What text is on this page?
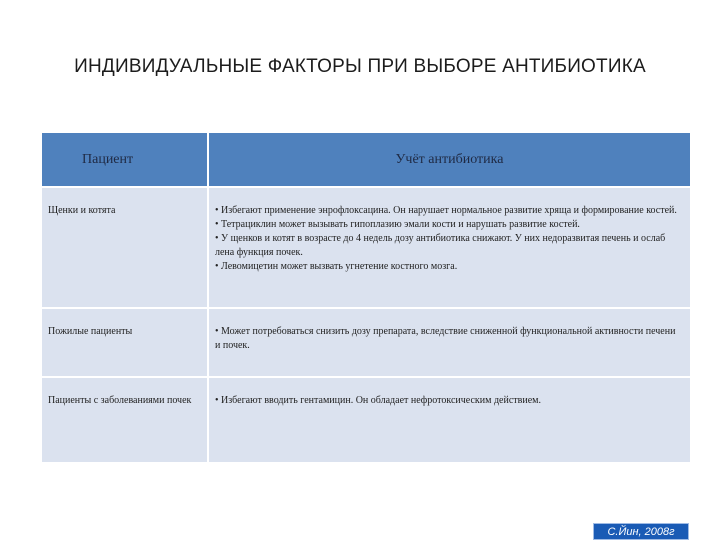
ИНДИВИДУАЛЬНЫЕ ФАКТОРЫ ПРИ ВЫБОРЕ АНТИБИОТИКА
Пациент	Учёт антибиотика
Щенки и котята	• Избегают применение энрофлоксацина. Он нарушает нормальное развитие хряща и формирование костей.
• Тетрациклин может вызывать гипоплазию эмали кости и нарушать развитие костей.
• У щенков и котят в возрасте до 4 недель дозу антибиотика снижают. У них недоразвитая печень и ослаб лена функция почек.
• Левомицетин может вызвать угнетение костного мозга.

Пожилые пациенты	• Может потребоваться снизить дозу препарата, вследствие сниженной функциональной активности печени и почек.

Пациенты с заболеваниями почек	• Избегают вводить гентамицин. Он обладает нефротоксическим действием.
С.Йин, 2008г
